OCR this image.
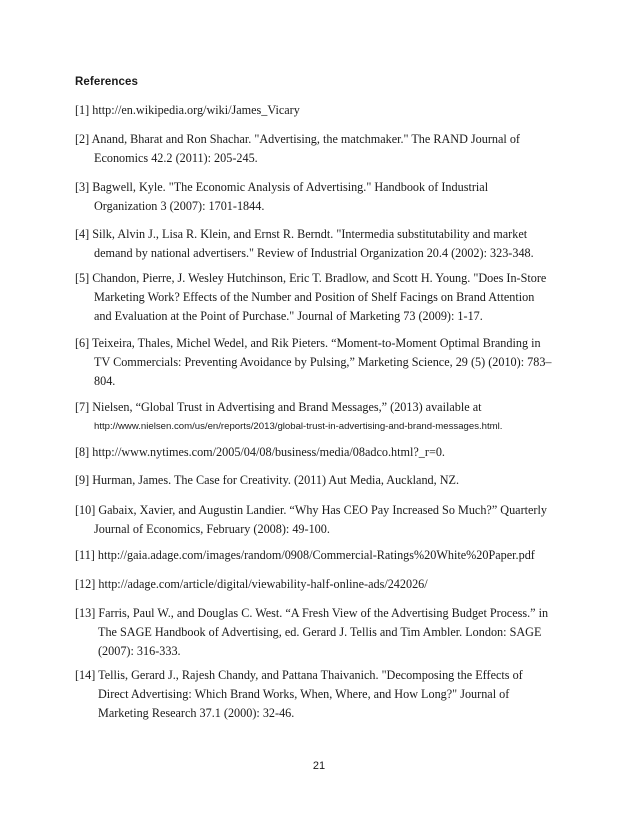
References
[1] http://en.wikipedia.org/wiki/James_Vicary
[2] Anand, Bharat and Ron Shachar. "Advertising, the matchmaker." The RAND Journal of
Economics 42.2 (2011): 205-245.
[3] Bagwell, Kyle. "The Economic Analysis of Advertising." Handbook of Industrial
Organization 3 (2007): 1701-1844.
[4] Silk, Alvin J., Lisa R. Klein, and Ernst R. Berndt. "Intermedia substitutability and market
demand by national advertisers." Review of Industrial Organization 20.4 (2002): 323-348.
[5] Chandon, Pierre, J. Wesley Hutchinson, Eric T. Bradlow, and Scott H. Young. "Does In-Store
Marketing Work? Effects of the Number and Position of Shelf Facings on Brand Attention
and Evaluation at the Point of Purchase." Journal of Marketing 73 (2009): 1-17.
[6] Teixeira, Thales, Michel Wedel, and Rik Pieters. “Moment-to-Moment Optimal Branding in
TV Commercials: Preventing Avoidance by Pulsing,” Marketing Science, 29 (5) (2010): 783–
804.
[7] Nielsen, “Global Trust in Advertising and Brand Messages,” (2013) available at
http://www.nielsen.com/us/en/reports/2013/global-trust-in-advertising-and-brand-messages.html.
[8] http://www.nytimes.com/2005/04/08/business/media/08adco.html?_r=0.
[9] Hurman, James. The Case for Creativity. (2011) Aut Media, Auckland, NZ.
[10] Gabaix, Xavier, and Augustin Landier. “Why Has CEO Pay Increased So Much?” Quarterly
Journal of Economics, February (2008): 49-100.
[11] http://gaia.adage.com/images/random/0908/Commercial-Ratings%20White%20Paper.pdf
[12] http://adage.com/article/digital/viewability-half-online-ads/242026/
[13] Farris, Paul W., and Douglas C. West. “A Fresh View of the Advertising Budget Process.” in
The SAGE Handbook of Advertising, ed. Gerard J. Tellis and Tim Ambler. London: SAGE
(2007): 316-333.
[14] Tellis, Gerard J., Rajesh Chandy, and Pattana Thaivanich. "Decomposing the Effects of
Direct Advertising: Which Brand Works, When, Where, and How Long?" Journal of
Marketing Research 37.1 (2000): 32-46.
21
